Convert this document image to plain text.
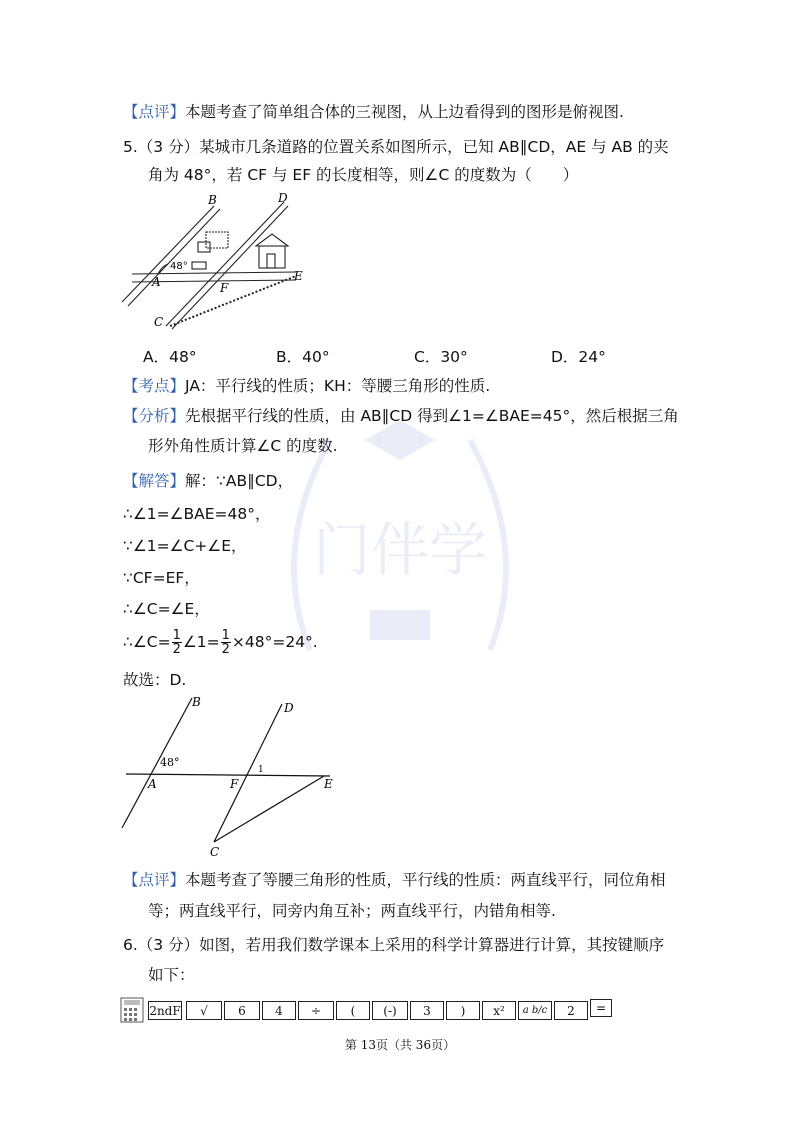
门伴学
【点评】本题考查了简单组合体的三视图，从上边看得到的图形是俯视图.
5.（3 分）某城市几条道路的位置关系如图所示，已知 AB∥CD，AE 与 AB 的夹
角为 48°，若 CF 与 EF 的长度相等，则∠C 的度数为（　　）
B	D
A	F
E
C
48°
A．48°	B．40°	C．30°	D．24°
【考点】JA：平行线的性质；KH：等腰三角形的性质.
【分析】先根据平行线的性质，由 AB∥CD 得到∠1=∠BAE=45°，然后根据三角
形外角性质计算∠C 的度数.
【解答】解：∵AB∥CD，
∴∠1=∠BAE=48°，
∵∠1=∠C+∠E，
∵CF=EF，
∴∠C=∠E，
∴∠C= $\frac{1}{2}$ ∠1= $\frac{1}{2} \times 48^\circ=24^\circ$.
故选：D.
B	D
A	F	E
C
48°
1
【点评】本题考查了等腰三角形的性质，平行线的性质：两直线平行，同位角相
等；两直线平行，同旁内角互补；两直线平行，内错角相等.
6.（3 分）如图，若用我们数学课本上采用的科学计算器进行计算，其按键顺序
如下：
2ndF	√	6	4	÷	(	(-)	3	)	x²	a b/c	2	=
第 13页（共 36页）
